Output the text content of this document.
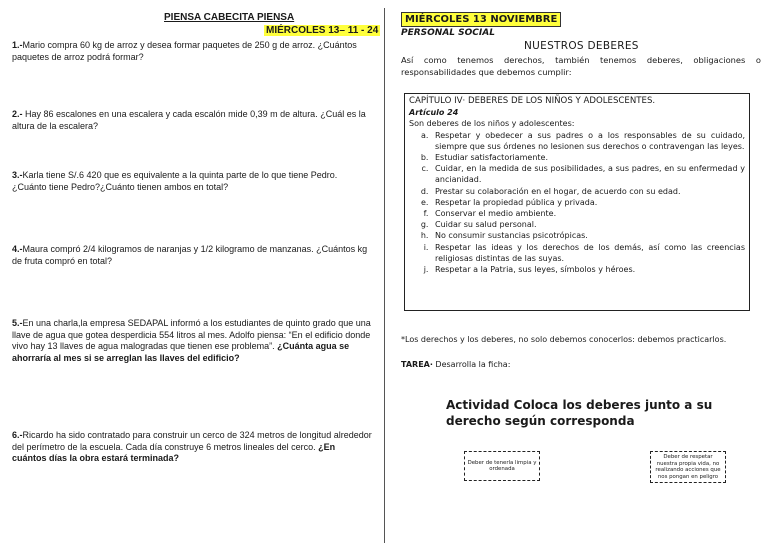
PIENSA CABECITA PIENSA
MIÉRCOLES 13– 11 - 24
1.-Mario compra 60 kg de arroz y desea formar paquetes de 250 g de arroz. ¿Cuántos paquetes de arroz podrá formar?
2.- Hay 86 escalones en una escalera y cada escalón mide 0,39 m de altura. ¿Cuál es la altura de la escalera?
3.-Karla tiene S/.6 420 que es equivalente a la quinta parte de lo que tiene Pedro. ¿Cuánto tiene Pedro?¿Cuánto tienen ambos en total?
4.-Maura compró 2/4 kilogramos de naranjas y 1/2 kilogramo de manzanas. ¿Cuántos kg de fruta compró en total?
5.-En una charla,la empresa SEDAPAL informó a los estudiantes de quinto grado que una llave de agua que gotea desperdicia 554 litros al mes. Adolfo piensa: “En el edificio donde vivo hay 13 llaves de agua malogradas que tienen ese problema”. ¿Cuánta agua se ahorraría al mes si se arreglan las llaves del edificio?
6.-Ricardo ha sido contratado para construir un cerco de 324 metros de longitud alrededor del perímetro de la escuela. Cada día construye 6 metros lineales del cerco. ¿En cuántos días la obra estará terminada?
MIÉRCOLES 13 NOVIEMBRE
PERSONAL SOCIAL
NUESTROS DEBERES
Así como tenemos derechos, también tenemos deberes, obligaciones o responsabilidades que debemos cumplir:
CAPÍTULO IV· DEBERES DE LOS NIÑOS Y ADOLESCENTES.
Artículo 24
Son deberes de los niños y adolescentes:
a. Respetar y obedecer a sus padres o a los responsables de su cuidado, siempre que sus órdenes no lesionen sus derechos o contravengan las leyes.
b. Estudiar satisfactoriamente.
c. Cuidar, en la medida de sus posibilidades, a sus padres, en su enfermedad y ancianidad.
d. Prestar su colaboración en el hogar, de acuerdo con su edad.
e. Respetar la propiedad pública y privada.
f. Conservar el medio ambiente.
g. Cuidar su salud personal.
h. No consumir sustancias psicotrópicas.
i. Respetar las ideas y los derechos de los demás, así como las creencias religiosas distintas de las suyas.
j. Respetar a la Patria, sus leyes, símbolos y héroes.
*Los derechos y los deberes, no solo debemos conocerlos: debemos practicarlos.
TAREA· Desarrolla la ficha:
Actividad Coloca los deberes junto a su derecho según corresponda
Deber de tenerla limpia y ordenada
Deber de respetar nuestra propia vida, no realizando acciones que nos pongan en peligro
